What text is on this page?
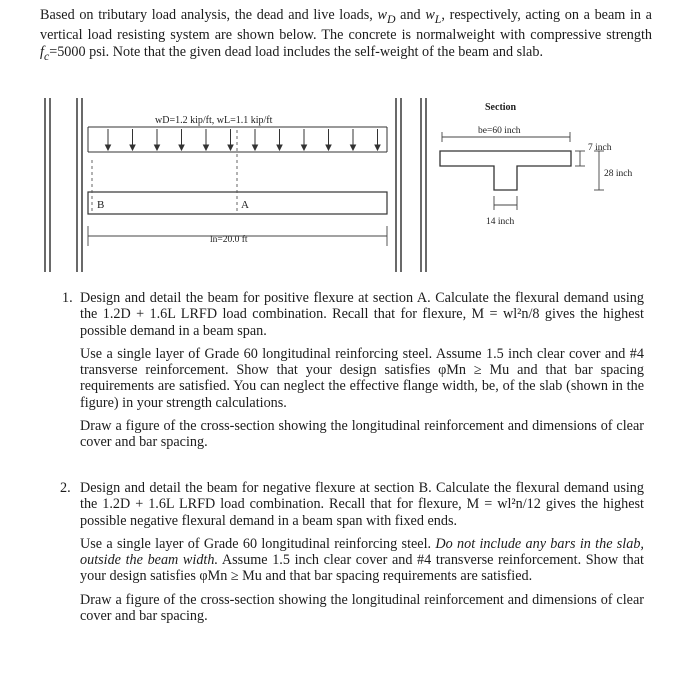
Based on tributary load analysis, the dead and live loads, $w_D$ and $w_L$, respectively, acting on a beam in a vertical load resisting system are shown below. The concrete is normalweight with compressive strength $f_c=5000$ psi. Note that the given dead load includes the self-weight of the beam and slab.
wD=1.2 kip/ft, wL=1.1 kip/ft
B	A
ln=20.0 ft
Section
be=60 inch
7 inch
28 inch
14 inch
1. Design and detail the beam for positive flexure at section A. Calculate the flexural demand using the 1.2D + 1.6L LRFD load combination. Recall that for flexure, M = wl²n/8 gives the highest possible demand in a beam span.

Use a single layer of Grade 60 longitudinal reinforcing steel. Assume 1.5 inch clear cover and #4 transverse reinforcement. Show that your design satisfies φMn ≥ Mu and that bar spacing requirements are satisfied. You can neglect the effective flange width, be, of the slab (shown in the figure) in your strength calculations.

Draw a figure of the cross-section showing the longitudinal reinforcement and dimensions of clear cover and bar spacing.

2. Design and detail the beam for negative flexure at section B. Calculate the flexural demand using the 1.2D + 1.6L LRFD load combination. Recall that for flexure, M = wl²n/12 gives the highest possible negative flexural demand in a beam span with fixed ends.

Use a single layer of Grade 60 longitudinal reinforcing steel. Do not include any bars in the slab, outside the beam width. Assume 1.5 inch clear cover and #4 transverse reinforcement. Show that your design satisfies φMn ≥ Mu and that bar spacing requirements are satisfied.

Draw a figure of the cross-section showing the longitudinal reinforcement and dimensions of clear cover and bar spacing.
